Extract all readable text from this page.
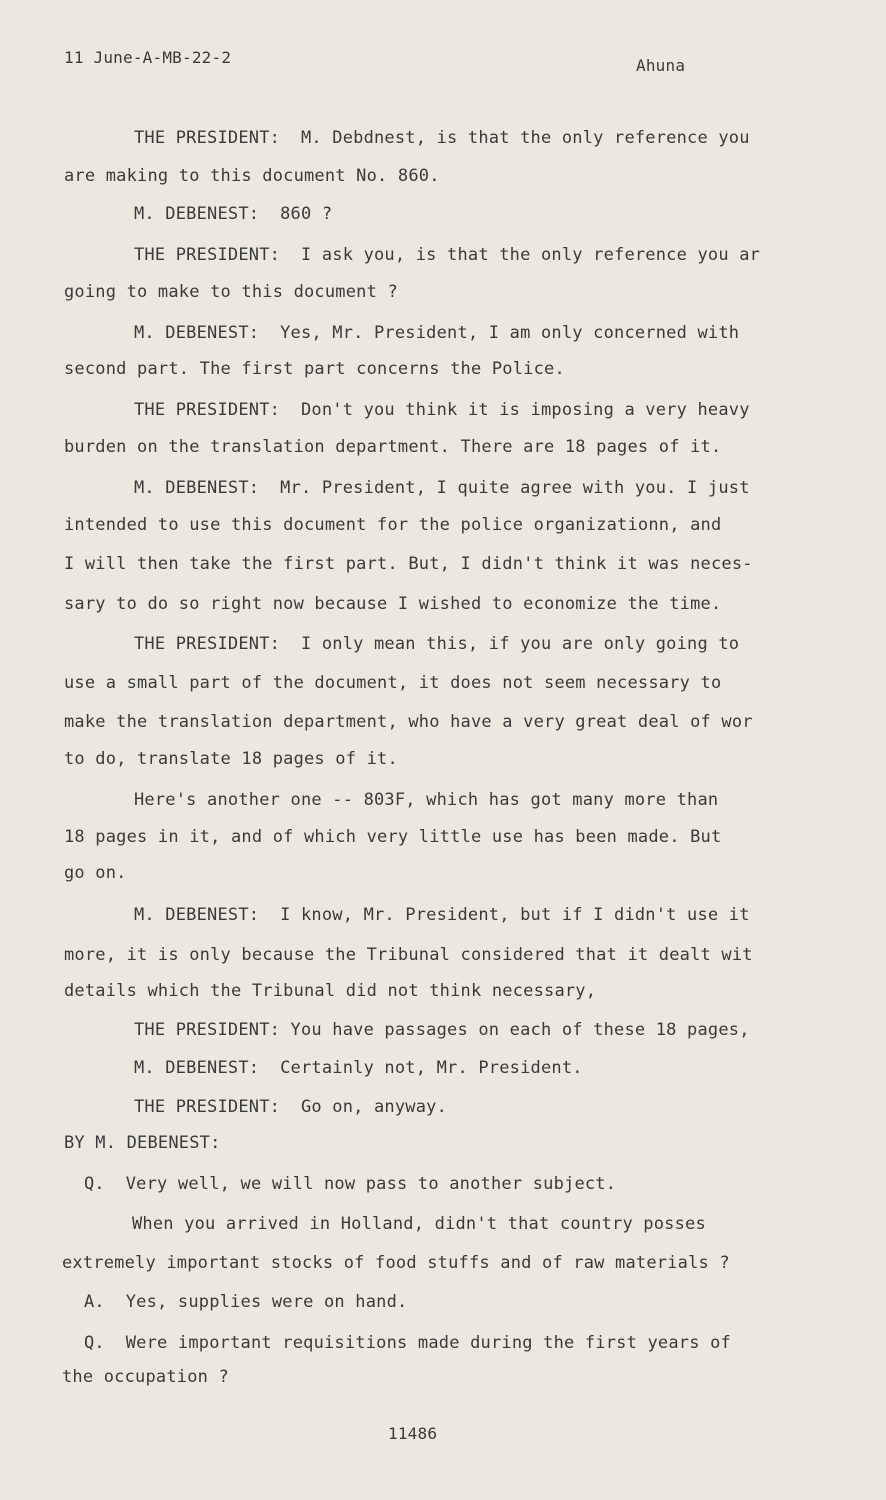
11 June-A-MB-22-2	Ahuna
THE PRESIDENT:  M. Debdnest, is that the only reference you
are making to this document No. 860.
M. DEBENEST:  860 ?
THE PRESIDENT:  I ask you, is that the only reference you ar
going to make to this document ?
M. DEBENEST:  Yes, Mr. President, I am only concerned with
second part. The first part concerns the Police.
THE PRESIDENT:  Don't you think it is imposing a very heavy
burden on the translation department. There are 18 pages of it.
M. DEBENEST:  Mr. President, I quite agree with you. I just
intended to use this document for the police organizationn, and
I will then take the first part. But, I didn't think it was neces-
sary to do so right now because I wished to economize the time.
THE PRESIDENT:  I only mean this, if you are only going to
use a small part of the document, it does not seem necessary to
make the translation department, who have a very great deal of wor
to do, translate 18 pages of it.
Here's another one -- 803F, which has got many more than
18 pages in it, and of which very little use has been made. But
go on.
M. DEBENEST:  I know, Mr. President, but if I didn't use it
more, it is only because the Tribunal considered that it dealt wit
details which the Tribunal did not think necessary,
THE PRESIDENT: You have passages on each of these 18 pages,
M. DEBENEST:  Certainly not, Mr. President.
THE PRESIDENT:  Go on, anyway.
BY M. DEBENEST:
Q.  Very well, we will now pass to another subject.
When you arrived in Holland, didn't that country posses
extremely important stocks of food stuffs and of raw materials ?
A.  Yes, supplies were on hand.
Q.  Were important requisitions made during the first years of
the occupation ?
11486
